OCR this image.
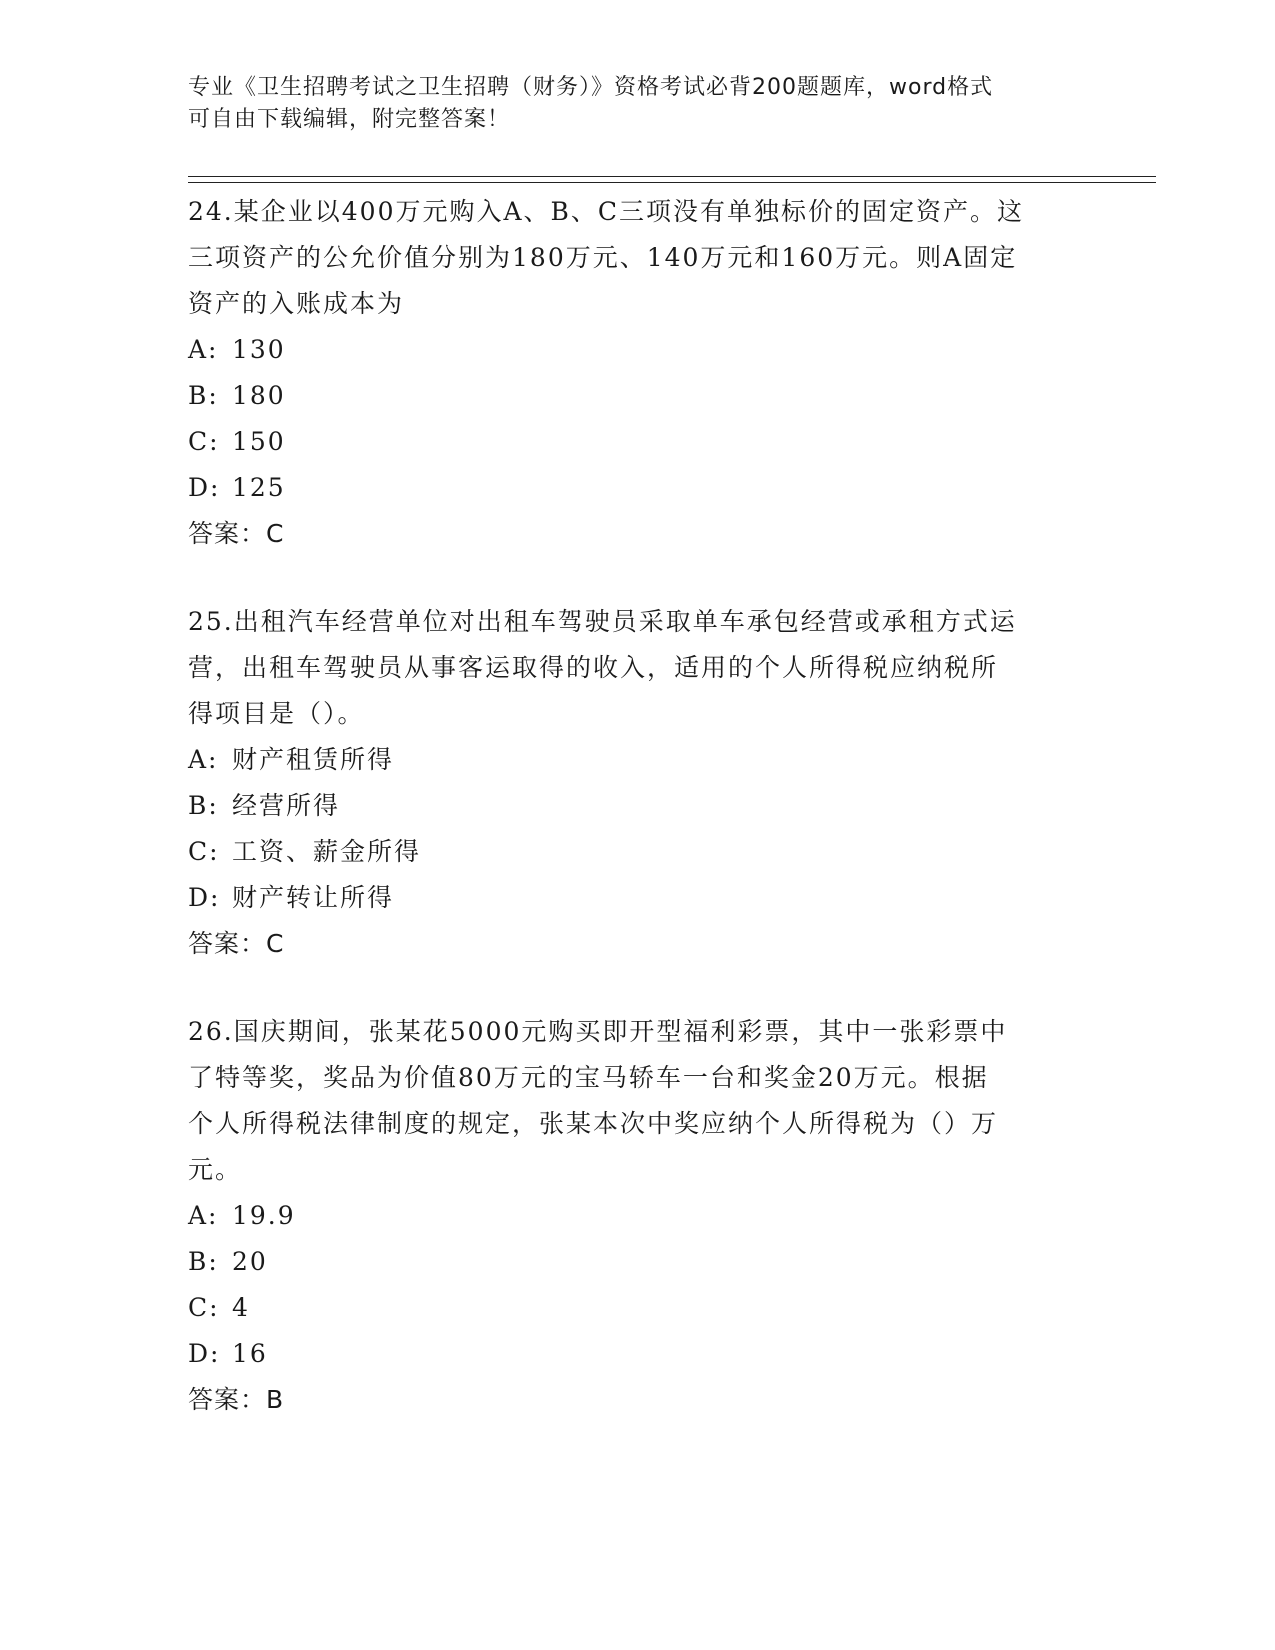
专业《卫生招聘考试之卫生招聘（财务）》资格考试必背200题题库，word格式
可自由下载编辑，附完整答案！

24.某企业以400万元购入A、B、C三项没有单独标价的固定资产。这

三项资产的公允价值分别为180万元、140万元和160万元。则A固定

资产的入账成本为

A: 130

B: 180

C: 150

D: 125

答案：C

25.出租汽车经营单位对出租车驾驶员采取单车承包经营或承租方式运

营，出租车驾驶员从事客运取得的收入，适用的个人所得税应纳税所

得项目是（）。

A: 财产租赁所得

B: 经营所得

C: 工资、薪金所得

D: 财产转让所得

答案：C

26.国庆期间，张某花5000元购买即开型福利彩票，其中一张彩票中

了特等奖，奖品为价值80万元的宝马轿车一台和奖金20万元。根据

个人所得税法律制度的规定，张某本次中奖应纳个人所得税为（）万

元。

A: 19.9

B: 20

C: 4

D: 16

答案：B
